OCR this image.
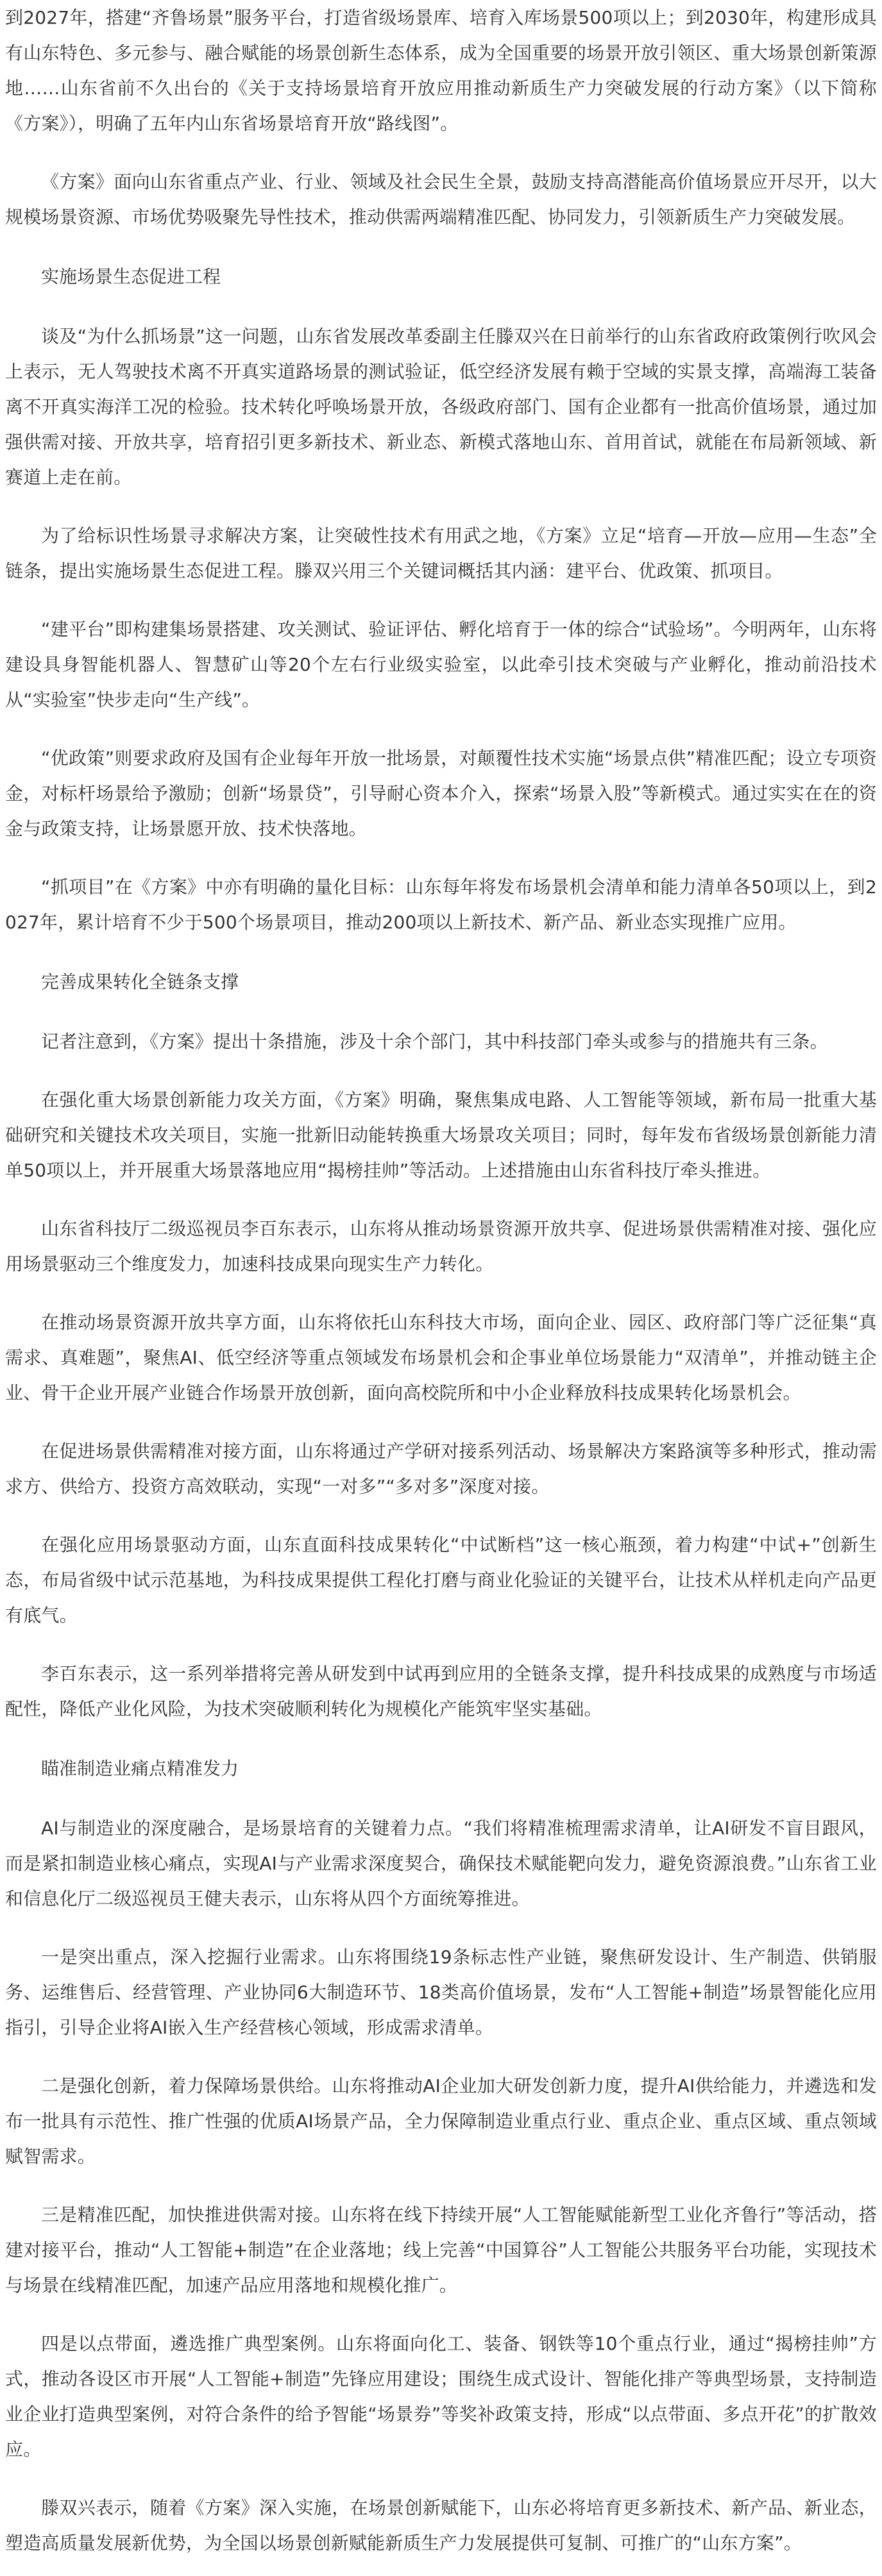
到2027年，搭建“齐鲁场景”服务平台，打造省级场景库、培育入库场景500项以上；到2030年，构建形成具有山东特色、多元参与、融合赋能的场景创新生态体系，成为全国重要的场景开放引领区、重大场景创新策源地……山东省前不久出台的《关于支持场景培育开放应用推动新质生产力突破发展的行动方案》（以下简称《方案》），明确了五年内山东省场景培育开放“路线图”。

《方案》面向山东省重点产业、行业、领域及社会民生全景，鼓励支持高潜能高价值场景应开尽开，以大规模场景资源、市场优势吸聚先导性技术，推动供需两端精准匹配、协同发力，引领新质生产力突破发展。

实施场景生态促进工程

谈及“为什么抓场景”这一问题，山东省发展改革委副主任滕双兴在日前举行的山东省政府政策例行吹风会上表示，无人驾驶技术离不开真实道路场景的测试验证，低空经济发展有赖于空域的实景支撑，高端海工装备离不开真实海洋工况的检验。技术转化呼唤场景开放，各级政府部门、国有企业都有一批高价值场景，通过加强供需对接、开放共享，培育招引更多新技术、新业态、新模式落地山东、首用首试，就能在布局新领域、新赛道上走在前。

为了给标识性场景寻求解决方案，让突破性技术有用武之地，《方案》立足“培育—开放—应用—生态”全链条，提出实施场景生态促进工程。滕双兴用三个关键词概括其内涵：建平台、优政策、抓项目。

“建平台”即构建集场景搭建、攻关测试、验证评估、孵化培育于一体的综合“试验场”。今明两年，山东将建设具身智能机器人、智慧矿山等20个左右行业级实验室，以此牵引技术突破与产业孵化，推动前沿技术从“实验室”快步走向“生产线”。

“优政策”则要求政府及国有企业每年开放一批场景，对颠覆性技术实施“场景点供”精准匹配；设立专项资金，对标杆场景给予激励；创新“场景贷”，引导耐心资本介入，探索“场景入股”等新模式。通过实实在在的资金与政策支持，让场景愿开放、技术快落地。

“抓项目”在《方案》中亦有明确的量化目标：山东每年将发布场景机会清单和能力清单各50项以上，到2027年，累计培育不少于500个场景项目，推动200项以上新技术、新产品、新业态实现推广应用。

完善成果转化全链条支撑

记者注意到，《方案》提出十条措施，涉及十余个部门，其中科技部门牵头或参与的措施共有三条。

在强化重大场景创新能力攻关方面，《方案》明确，聚焦集成电路、人工智能等领域，新布局一批重大基础研究和关键技术攻关项目，实施一批新旧动能转换重大场景攻关项目；同时，每年发布省级场景创新能力清单50项以上，并开展重大场景落地应用“揭榜挂帅”等活动。上述措施由山东省科技厅牵头推进。

山东省科技厅二级巡视员李百东表示，山东将从推动场景资源开放共享、促进场景供需精准对接、强化应用场景驱动三个维度发力，加速科技成果向现实生产力转化。

在推动场景资源开放共享方面，山东将依托山东科技大市场，面向企业、园区、政府部门等广泛征集“真需求、真难题”，聚焦AI、低空经济等重点领域发布场景机会和企事业单位场景能力“双清单”，并推动链主企业、骨干企业开展产业链合作场景开放创新，面向高校院所和中小企业释放科技成果转化场景机会。

在促进场景供需精准对接方面，山东将通过产学研对接系列活动、场景解决方案路演等多种形式，推动需求方、供给方、投资方高效联动，实现“一对多”“多对多”深度对接。

在强化应用场景驱动方面，山东直面科技成果转化“中试断档”这一核心瓶颈，着力构建“中试+”创新生态，布局省级中试示范基地，为科技成果提供工程化打磨与商业化验证的关键平台，让技术从样机走向产品更有底气。

李百东表示，这一系列举措将完善从研发到中试再到应用的全链条支撑，提升科技成果的成熟度与市场适配性，降低产业化风险，为技术突破顺利转化为规模化产能筑牢坚实基础。

瞄准制造业痛点精准发力

AI与制造业的深度融合，是场景培育的关键着力点。“我们将精准梳理需求清单，让AI研发不盲目跟风，而是紧扣制造业核心痛点，实现AI与产业需求深度契合，确保技术赋能靶向发力，避免资源浪费。”山东省工业和信息化厅二级巡视员王健夫表示，山东将从四个方面统筹推进。

一是突出重点，深入挖掘行业需求。山东将围绕19条标志性产业链，聚焦研发设计、生产制造、供销服务、运维售后、经营管理、产业协同6大制造环节、18类高价值场景，发布“人工智能+制造”场景智能化应用指引，引导企业将AI嵌入生产经营核心领域，形成需求清单。

二是强化创新，着力保障场景供给。山东将推动AI企业加大研发创新力度，提升AI供给能力，并遴选和发布一批具有示范性、推广性强的优质AI场景产品，全力保障制造业重点行业、重点企业、重点区域、重点领域赋智需求。

三是精准匹配，加快推进供需对接。山东将在线下持续开展“人工智能赋能新型工业化齐鲁行”等活动，搭建对接平台，推动“人工智能+制造”在企业落地；线上完善“中国算谷”人工智能公共服务平台功能，实现技术与场景在线精准匹配，加速产品应用落地和规模化推广。

四是以点带面，遴选推广典型案例。山东将面向化工、装备、钢铁等10个重点行业，通过“揭榜挂帅”方式，推动各设区市开展“人工智能+制造”先锋应用建设；围绕生成式设计、智能化排产等典型场景，支持制造业企业打造典型案例，对符合条件的给予智能“场景券”等奖补政策支持，形成“以点带面、多点开花”的扩散效应。

滕双兴表示，随着《方案》深入实施，在场景创新赋能下，山东必将培育更多新技术、新产品、新业态，塑造高质量发展新优势，为全国以场景创新赋能新质生产力发展提供可复制、可推广的“山东方案”。
